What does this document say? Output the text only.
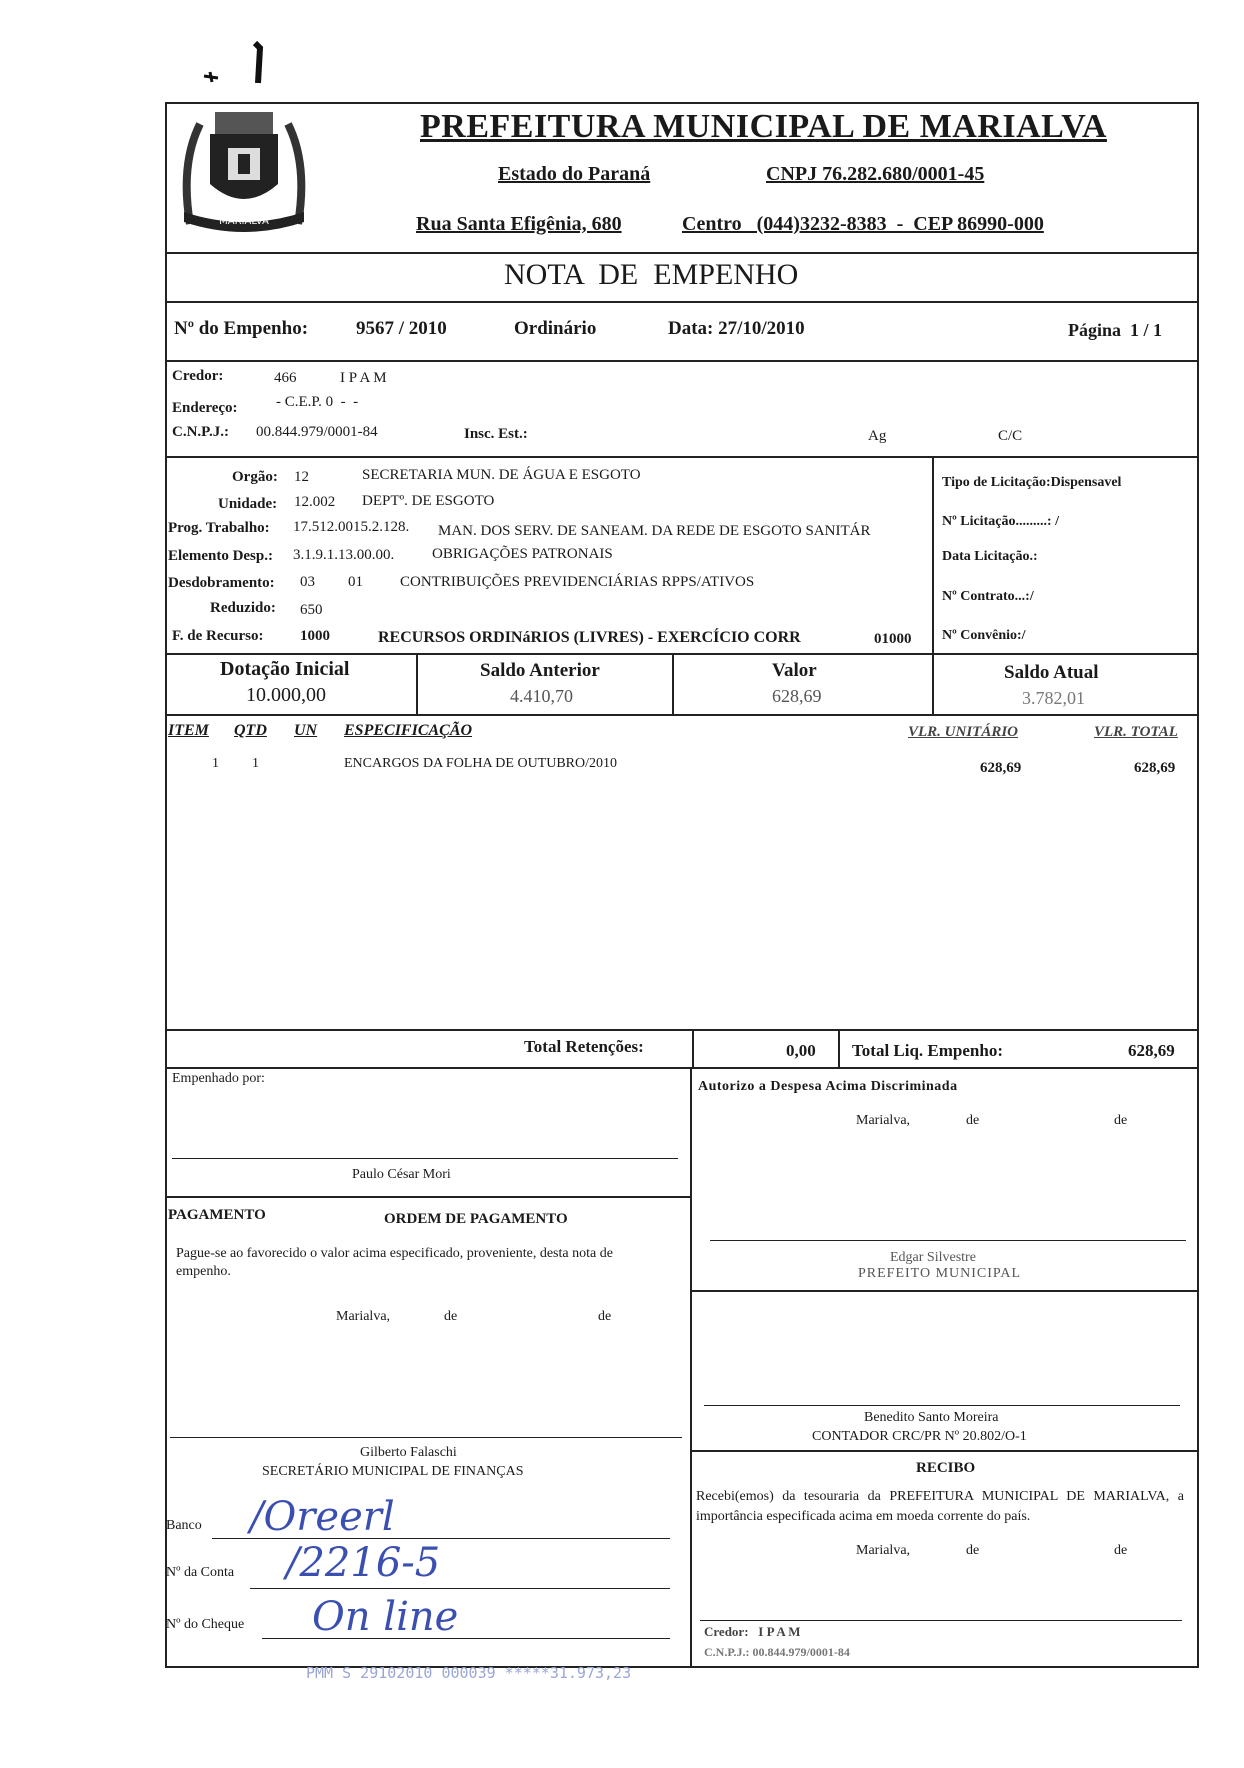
MARIALVA
PREFEITURA MUNICIPAL DE MARIALVA
Estado do Paraná	CNPJ 76.282.680/0001-45
Rua Santa Efigênia, 680	Centro   (044)3232-8383  -  CEP 86990-000
NOTA  DE  EMPENHO
Nº do Empenho:	9567 / 2010	Ordinário	Data: 27/10/2010	Página  1 / 1
Credor:	466	I P A M
Endereço:	- C.E.P. 0  -  -
C.N.P.J.: 00.844.979/0001-84	Insc. Est.:	Ag	C/C
Orgão: 12	SECRETARIA MUN. DE ÁGUA E ESGOTO
Unidade: 12.002 DEPTº. DE ESGOTO
Prog. Trabalho: 17.512.0015.2.128. MAN. DOS SERV. DE SANEAM. DA REDE DE ESGOTO SANITÁR
Elemento Desp.: 3.1.9.1.13.00.00.	OBRIGAÇÕES PATRONAIS
Desdobramento: 03 01 CONTRIBUIÇÕES PREVIDENCIÁRIAS RPPS/ATIVOS
Reduzido: 650
F. de Recurso: 1000	RECURSOS ORDINáRIOS (LIVRES) - EXERCÍCIO CORR	01000
Tipo de Licitação:Dispensavel
Nº Licitação.........: /
Data Licitação.:
Nº Contrato...:/
Nº Convênio:/
Dotação Inicial
10.000,00
Saldo Anterior
4.410,70
Valor
628,69
Saldo Atual
3.782,01
ITEM QTD UN ESPECIFICAÇÃO	VLR. UNITÁRIO	VLR. TOTAL
1 1	ENCARGOS DA FOLHA DE OUTUBRO/2010	628,69	628,69
Total Retenções:	0,00 Total Liq. Empenho:	628,69
Empenhado por:
Paulo César Mori
PAGAMENTO	ORDEM DE PAGAMENTO
Pague-se ao favorecido o valor acima especificado, proveniente, desta nota de empenho.
Marialva,	de	de
Gilberto Falaschi
SECRETÁRIO MUNICIPAL DE FINANÇAS
Banco /Oreerl
Nº da Conta /2216-5
Nº do Cheque On line
Autorizo a Despesa Acima Discriminada
Marialva,	de	de
Edgar Silvestre
PREFEITO MUNICIPAL
Benedito Santo Moreira
CONTADOR CRC/PR Nº 20.802/O-1
RECIBO
Recebi(emos) da tesouraria da PREFEITURA MUNICIPAL DE MARIALVA, a importância especificada acima em moeda corrente do país.
Marialva,	de	de
Credor:   I P A M
C.N.P.J.: 00.844.979/0001-84
PMM S 29102010 000039 *****31.973,23
